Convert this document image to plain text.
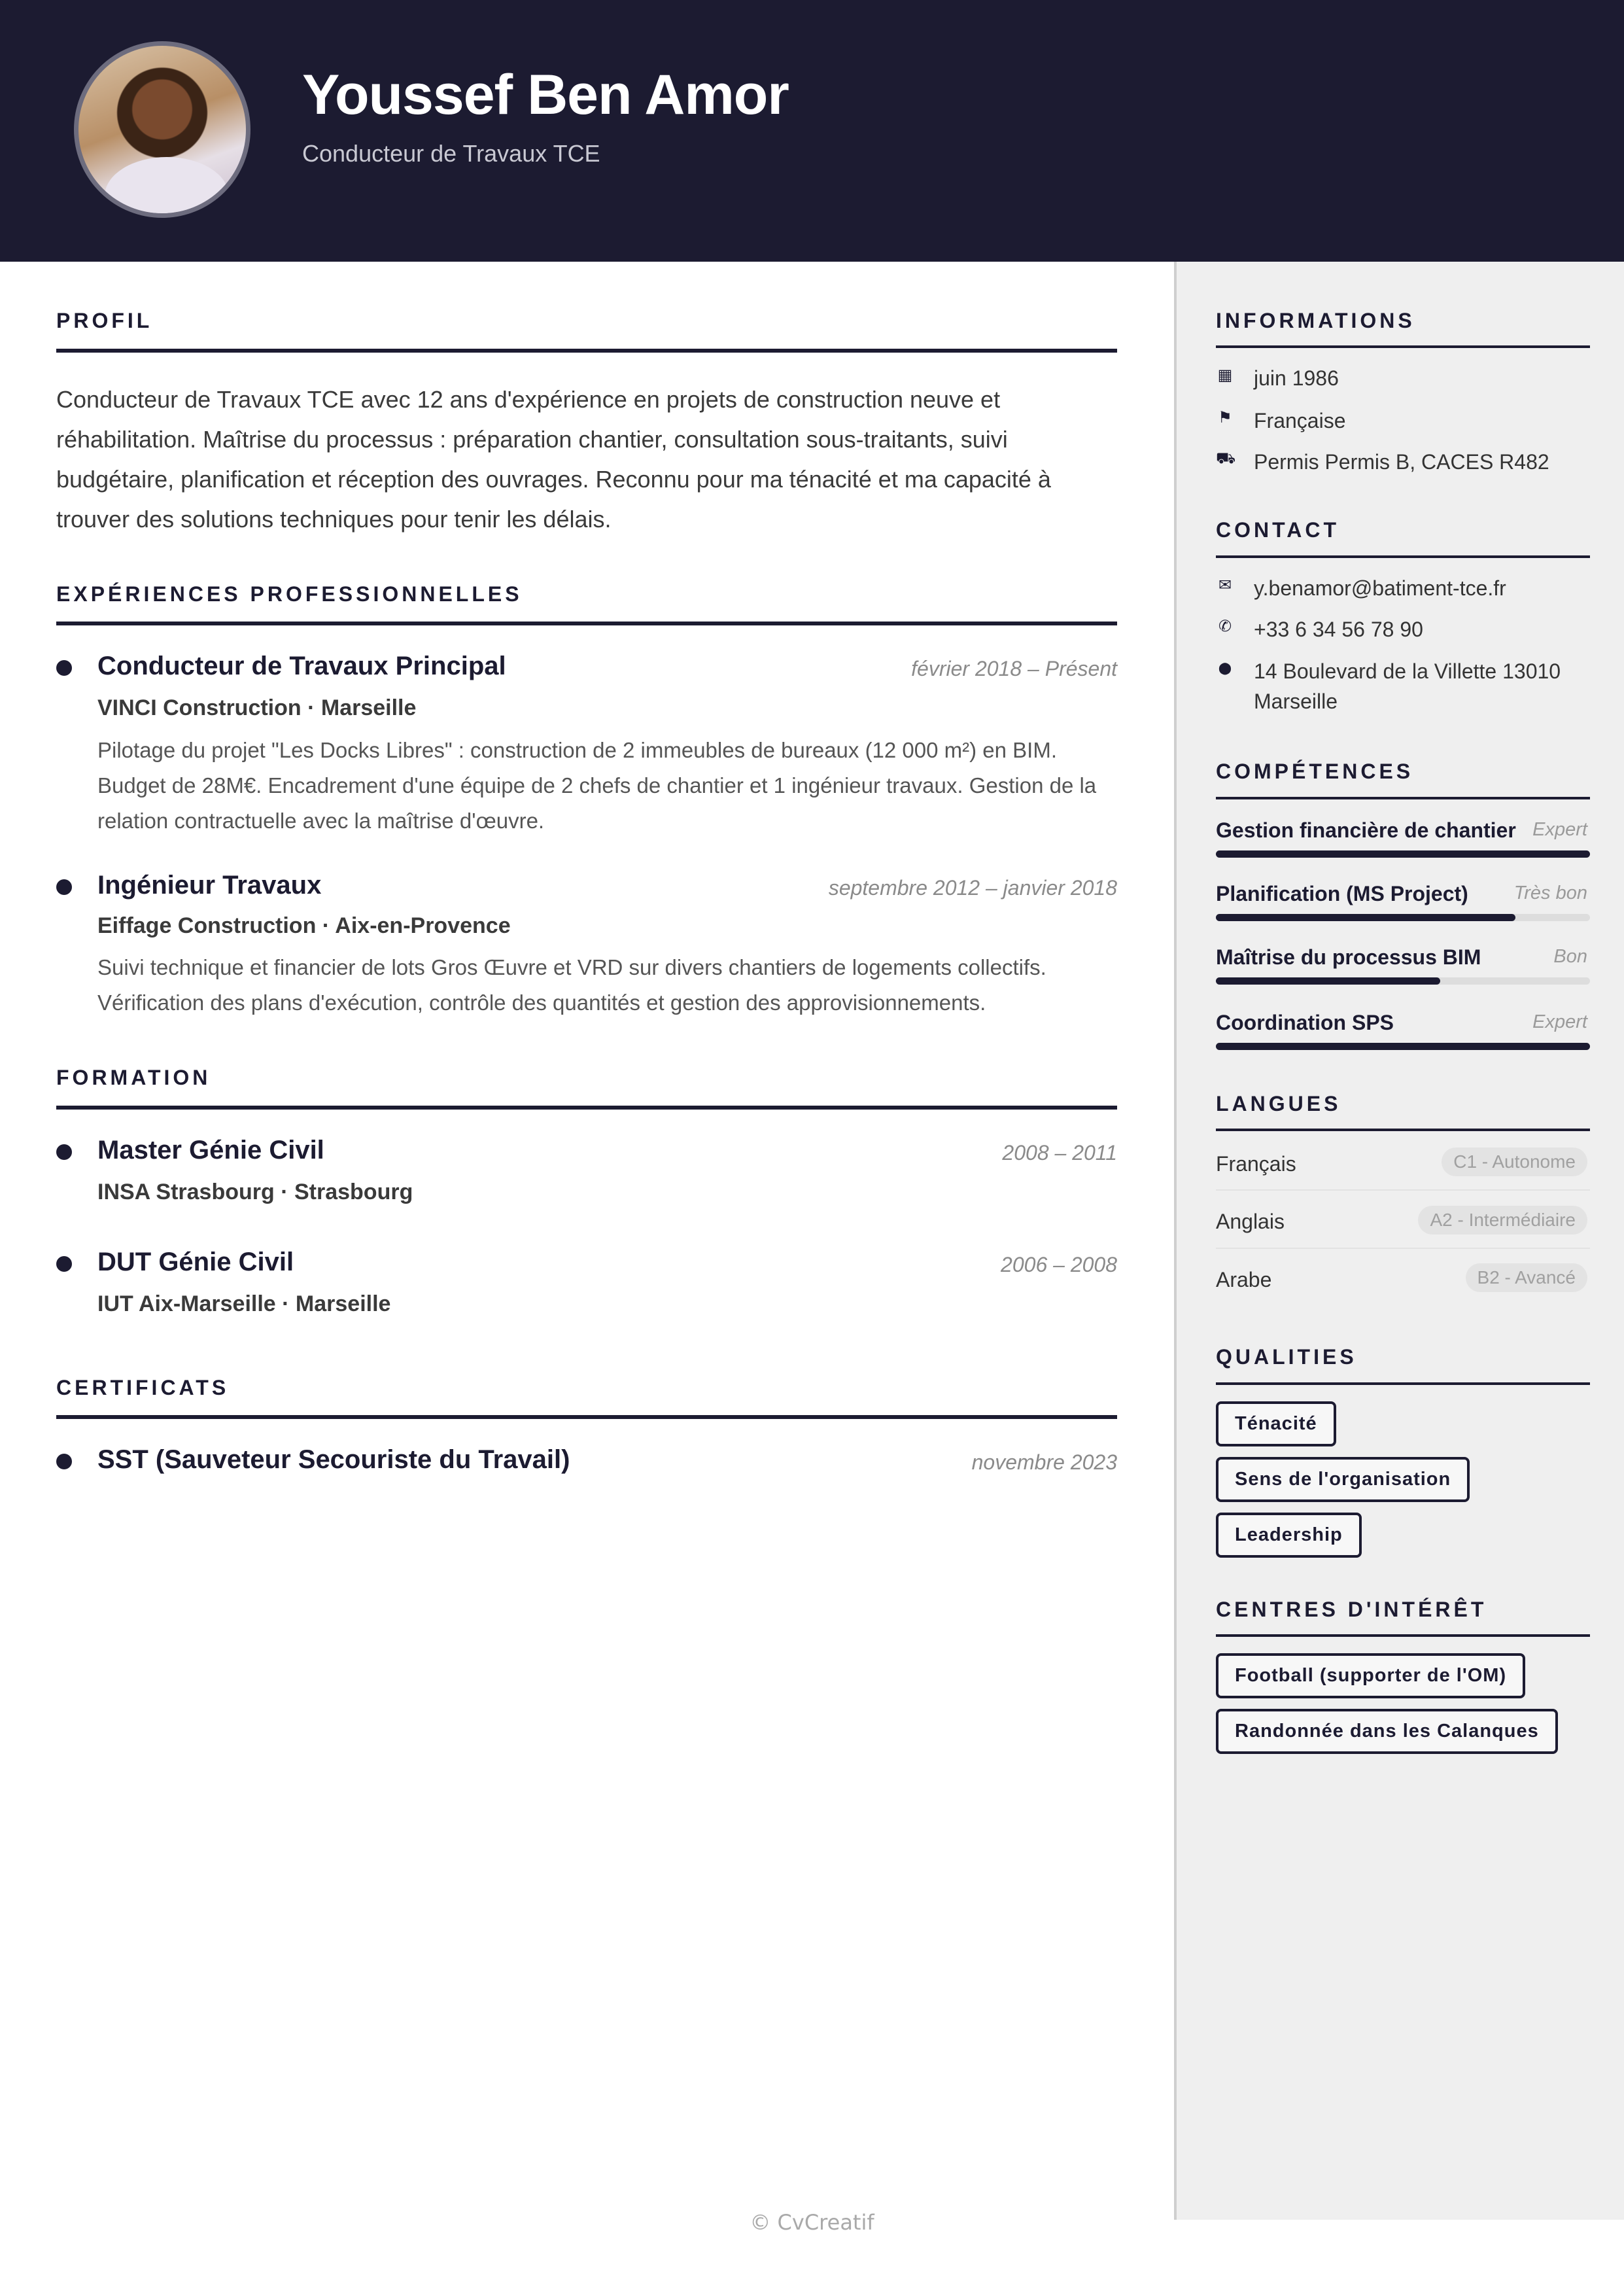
Youssef Ben Amor
Conducteur de Travaux TCE
PROFIL
Conducteur de Travaux TCE avec 12 ans d'expérience en projets de construction neuve et réhabilitation. Maîtrise du processus : préparation chantier, consultation sous-traitants, suivi budgétaire, planification et réception des ouvrages. Reconnu pour ma ténacité et ma capacité à trouver des solutions techniques pour tenir les délais.
EXPÉRIENCES PROFESSIONNELLES
Conducteur de Travaux Principal	février 2018 – Présent
VINCI Construction · Marseille
Pilotage du projet "Les Docks Libres" : construction de 2 immeubles de bureaux (12 000 m²) en BIM. Budget de 28M€. Encadrement d'une équipe de 2 chefs de chantier et 1 ingénieur travaux. Gestion de la relation contractuelle avec la maîtrise d'œuvre.
Ingénieur Travaux	septembre 2012 – janvier 2018
Eiffage Construction · Aix-en-Provence
Suivi technique et financier de lots Gros Œuvre et VRD sur divers chantiers de logements collectifs. Vérification des plans d'exécution, contrôle des quantités et gestion des approvisionnements.
FORMATION
Master Génie Civil	2008 – 2011
INSA Strasbourg · Strasbourg
DUT Génie Civil	2006 – 2008
IUT Aix-Marseille · Marseille
CERTIFICATS
SST (Sauveteur Secouriste du Travail)	novembre 2023
INFORMATIONS
▦ juin 1986
⚑ Française
⛟ Permis Permis B, CACES R482
CONTACT
✉ y.benamor@batiment-tce.fr
✆ +33 6 34 56 78 90
⬤ 14 Boulevard de la Villette 13010 Marseille
COMPÉTENCES
Gestion financière de chantier Expert
Planification (MS Project) Très bon
Maîtrise du processus BIM	Bon
Coordination SPS	Expert
LANGUES
Français	C1 - Autonome
Anglais	A2 - Intermédiaire
Arabe	B2 - Avancé
QUALITIES
Ténacité
Sens de l'organisation
Leadership
CENTRES D'INTÉRÊT
Football (supporter de l'OM)
Randonnée dans les Calanques
© CvCreatif
